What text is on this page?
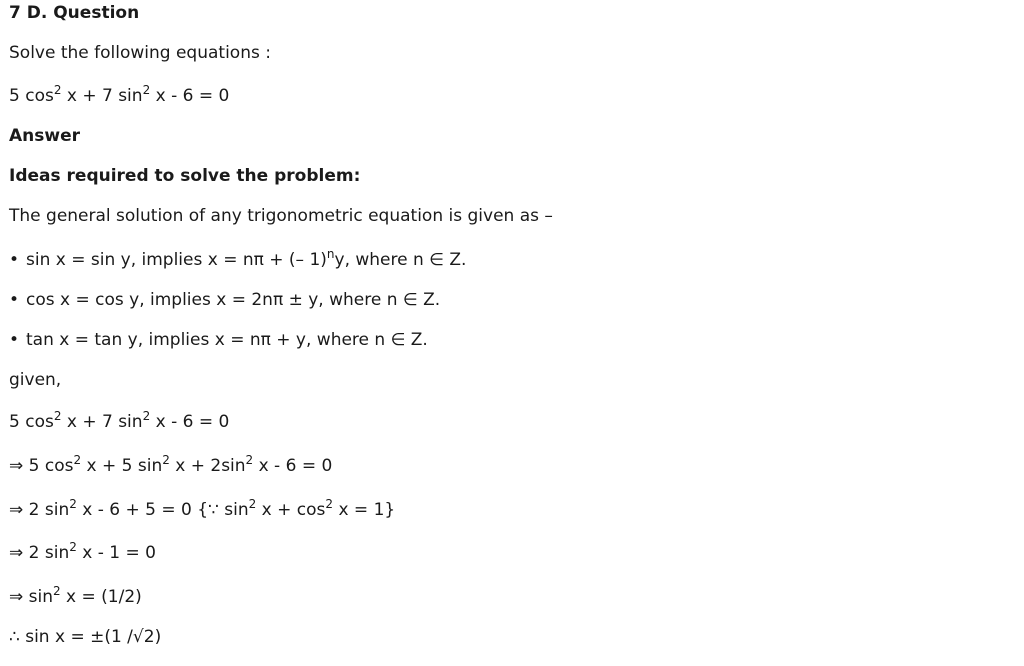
7 D. Question
Solve the following equations :
5 $\cos^2 x + 7$ $\sin^2 x - 6 = 0$
Answer
Ideas required to solve the problem:
The general solution of any trigonometric equation is given as –
• sin x = sin y, implies x = nπ + (– 1)$^n$y, where n ∈ Z.
• cos x = cos y, implies x = 2nπ ± y, where n ∈ Z.
• tan x = tan y, implies x = nπ + y, where n ∈ Z.
given,
5 $\cos^2 x + 7$ $\sin^2 x - 6 = 0$
⇒ 5 $\cos^2 x + 5$ $\sin^2 x + 2\sin^2$ x - 6 = 0
⇒ 2 $\sin^2 x - 6 + 5 = 0$ {∵ $\sin^2 x + \cos^2 x = 1$}
⇒ 2 $\sin^2 x - 1 = 0$
⇒ $\sin^2 x = (1/2)$
∴ sin x = ±(1 /√2)
